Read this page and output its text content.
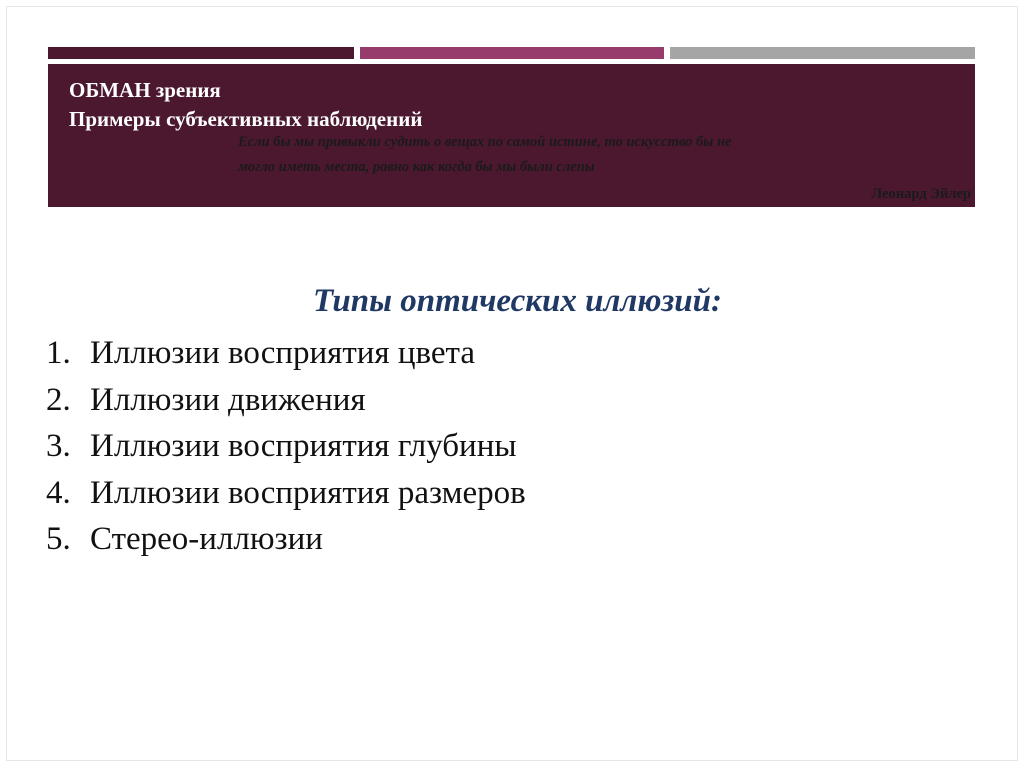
ОБМАН зрения

Примеры субъективных наблюдений

Если бы мы привыкли судить о вещах по самой истине, то искусство бы не
могло иметь места, равно как когда бы мы были слепы

Леонард Эйлер

Типы оптических иллюзий:
1. Иллюзии восприятия цвета
2. Иллюзии движения
3. Иллюзии восприятия глубины
4. Иллюзии восприятия размеров
5. Стерео-иллюзии
